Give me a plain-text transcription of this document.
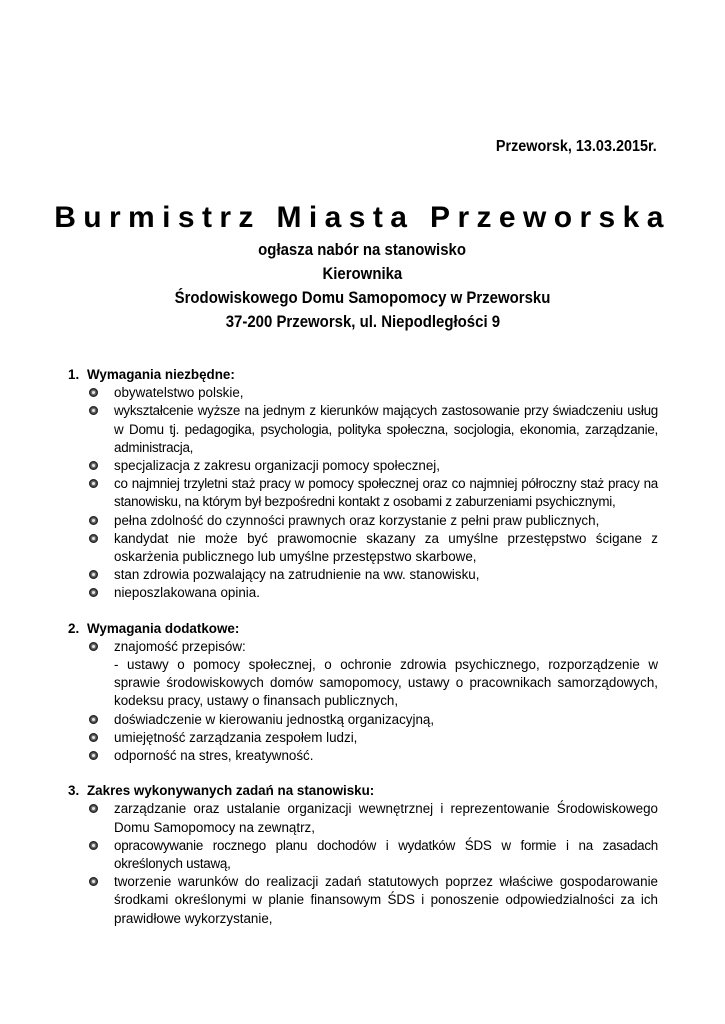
Przeworsk, 13.03.2015r.
Burmistrz Miasta Przeworska
ogłasza nabór na stanowisko
Kierownika
Środowiskowego Domu Samopomocy w Przeworsku
37-200 Przeworsk, ul. Niepodległości 9
1. Wymagania niezbędne:
obywatelstwo polskie,
wykształcenie wyższe na jednym z kierunków mających zastosowanie przy świadczeniu usług w Domu tj. pedagogika, psychologia, polityka społeczna, socjologia, ekonomia, zarządzanie, administracja,
specjalizacja z zakresu organizacji pomocy społecznej,
co najmniej trzyletni staż pracy w pomocy społecznej oraz co najmniej półroczny staż pracy na stanowisku, na którym był bezpośredni kontakt z osobami z zaburzeniami psychicznymi,
pełna zdolność do czynności prawnych oraz korzystanie z pełni praw publicznych,
kandydat nie może być prawomocnie skazany za umyślne przestępstwo ścigane z oskarżenia publicznego lub umyślne przestępstwo skarbowe,
stan zdrowia pozwalający na zatrudnienie na ww. stanowisku,
nieposzlakowana opinia.
2. Wymagania dodatkowe:
znajomość przepisów:
- ustawy o pomocy społecznej, o ochronie zdrowia psychicznego, rozporządzenie w sprawie środowiskowych domów samopomocy, ustawy o pracownikach samorządowych, kodeksu pracy, ustawy o finansach publicznych,
doświadczenie w kierowaniu jednostką organizacyjną,
umiejętność zarządzania zespołem ludzi,
odporność na stres, kreatywność.
3. Zakres wykonywanych zadań na stanowisku:
zarządzanie oraz ustalanie organizacji wewnętrznej i reprezentowanie Środowiskowego Domu Samopomocy na zewnątrz,
opracowywanie rocznego planu dochodów i wydatków ŚDS w formie i na zasadach określonych ustawą,
tworzenie warunków do realizacji zadań statutowych poprzez właściwe gospodarowanie środkami określonymi w planie finansowym ŚDS i ponoszenie odpowiedzialności za ich prawidłowe wykorzystanie,
